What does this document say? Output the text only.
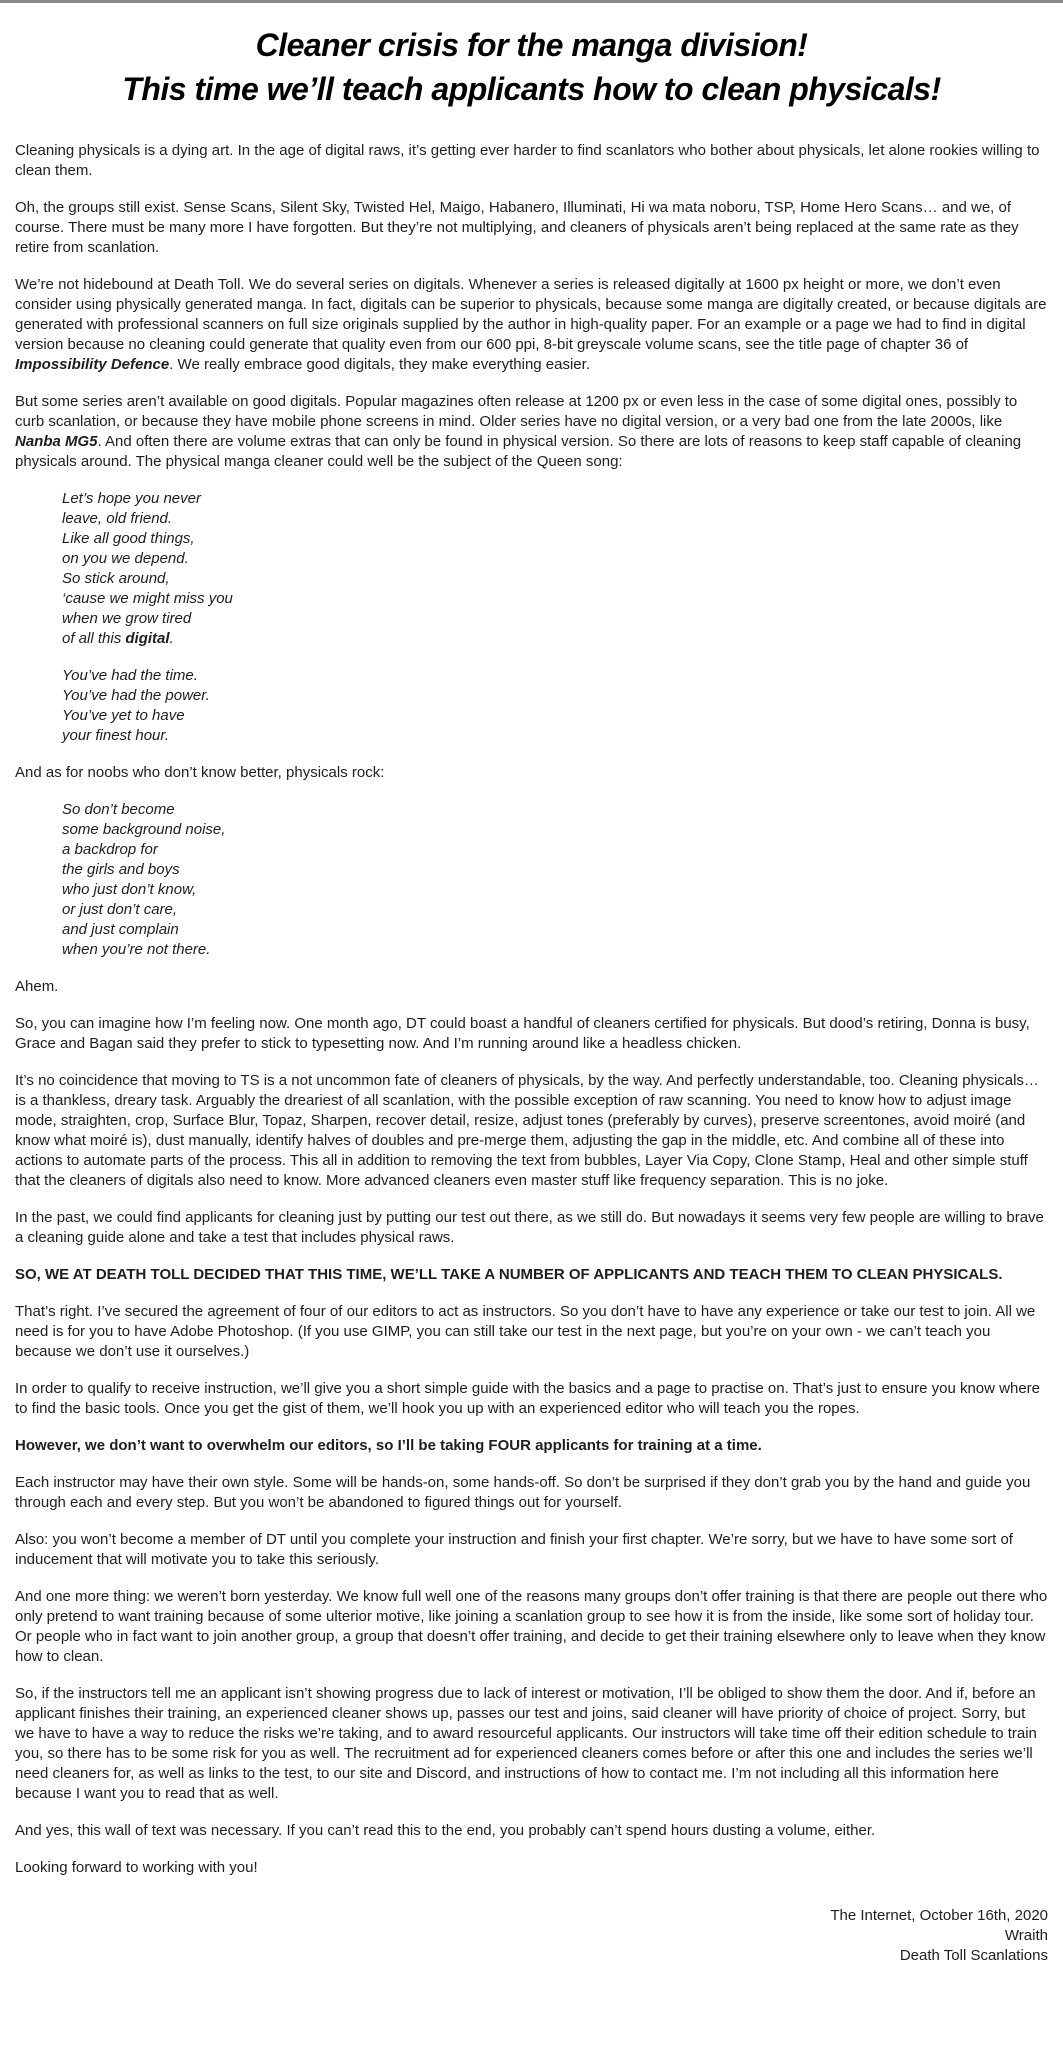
Cleaner crisis for the manga division!
This time we’ll teach applicants how to clean physicals!
Cleaning physicals is a dying art. In the age of digital raws, it’s getting ever harder to find scanlators who bother about physicals, let alone rookies willing to clean them.
Oh, the groups still exist. Sense Scans, Silent Sky, Twisted Hel, Maigo, Habanero, Illuminati, Hi wa mata noboru, TSP, Home Hero Scans… and we, of course. There must be many more I have forgotten. But they’re not multiplying, and cleaners of physicals aren’t being replaced at the same rate as they retire from scanlation.
We’re not hidebound at Death Toll. We do several series on digitals. Whenever a series is released digitally at 1600 px height or more, we don’t even consider using physically generated manga. In fact, digitals can be superior to physicals, because some manga are digitally created, or because digitals are generated with professional scanners on full size originals supplied by the author in high-quality paper. For an example or a page we had to find in digital version because no cleaning could generate that quality even from our 600 ppi, 8-bit greyscale volume scans, see the title page of chapter 36 of Impossibility Defence. We really embrace good digitals, they make everything easier.
But some series aren’t available on good digitals. Popular magazines often release at 1200 px or even less in the case of some digital ones, possibly to curb scanlation, or because they have mobile phone screens in mind. Older series have no digital version, or a very bad one from the late 2000s, like Nanba MG5. And often there are volume extras that can only be found in physical version. So there are lots of reasons to keep staff capable of cleaning physicals around. The physical manga cleaner could well be the subject of the Queen song:
Let’s hope you never
leave, old friend.
Like all good things,
on you we depend.
So stick around,
‘cause we might miss you
when we grow tired
of all this digital.
You’ve had the time.
You’ve had the power.
You’ve yet to have
your finest hour.
And as for noobs who don’t know better, physicals rock:
So don’t become
some background noise,
a backdrop for
the girls and boys
who just don’t know,
or just don’t care,
and just complain
when you’re not there.
Ahem.
So, you can imagine how I’m feeling now. One month ago, DT could boast a handful of cleaners certified for physicals. But dood’s retiring, Donna is busy, Grace and Bagan said they prefer to stick to typesetting now. And I’m running around like a headless chicken.
It’s no coincidence that moving to TS is a not uncommon fate of cleaners of physicals, by the way. And perfectly understandable, too. Cleaning physicals… is a thankless, dreary task. Arguably the dreariest of all scanlation, with the possible exception of raw scanning. You need to know how to adjust image mode, straighten, crop, Surface Blur, Topaz, Sharpen, recover detail, resize, adjust tones (preferably by curves), preserve screentones, avoid moiré (and know what moiré is), dust manually, identify halves of doubles and pre-merge them, adjusting the gap in the middle, etc. And combine all of these into actions to automate parts of the process. This all in addition to removing the text from bubbles, Layer Via Copy, Clone Stamp, Heal and other simple stuff that the cleaners of digitals also need to know. More advanced cleaners even master stuff like frequency separation. This is no joke.
In the past, we could find applicants for cleaning just by putting our test out there, as we still do. But nowadays it seems very few people are willing to brave a cleaning guide alone and take a test that includes physical raws.
SO, WE AT DEATH TOLL DECIDED THAT THIS TIME, WE’LL TAKE A NUMBER OF APPLICANTS AND TEACH THEM TO CLEAN PHYSICALS.
That’s right. I’ve secured the agreement of four of our editors to act as instructors. So you don’t have to have any experience or take our test to join. All we need is for you to have Adobe Photoshop. (If you use GIMP, you can still take our test in the next page, but you’re on your own - we can’t teach you because we don’t use it ourselves.)
In order to qualify to receive instruction, we’ll give you a short simple guide with the basics and a page to practise on. That’s just to ensure you know where to find the basic tools. Once you get the gist of them, we’ll hook you up with an experienced editor who will teach you the ropes.
However, we don’t want to overwhelm our editors, so I’ll be taking FOUR applicants for training at a time.
Each instructor may have their own style. Some will be hands-on, some hands-off. So don’t be surprised if they don’t grab you by the hand and guide you through each and every step. But you won’t be abandoned to figured things out for yourself.
Also: you won’t become a member of DT until you complete your instruction and finish your first chapter. We’re sorry, but we have to have some sort of inducement that will motivate you to take this seriously.
And one more thing: we weren’t born yesterday. We know full well one of the reasons many groups don’t offer training is that there are people out there who only pretend to want training because of some ulterior motive, like joining a scanlation group to see how it is from the inside, like some sort of holiday tour. Or people who in fact want to join another group, a group that doesn’t offer training, and decide to get their training elsewhere only to leave when they know how to clean.
So, if the instructors tell me an applicant isn’t showing progress due to lack of interest or motivation, I’ll be obliged to show them the door. And if, before an applicant finishes their training, an experienced cleaner shows up, passes our test and joins, said cleaner will have priority of choice of project. Sorry, but we have to have a way to reduce the risks we’re taking, and to award resourceful applicants. Our instructors will take time off their edition schedule to train you, so there has to be some risk for you as well. The recruitment ad for experienced cleaners comes before or after this one and includes the series we’ll need cleaners for, as well as links to the test, to our site and Discord, and instructions of how to contact me. I’m not including all this information here because I want you to read that as well.
And yes, this wall of text was necessary. If you can’t read this to the end, you probably can’t spend hours dusting a volume, either.
Looking forward to working with you!
The Internet, October 16th, 2020
Wraith
Death Toll Scanlations
